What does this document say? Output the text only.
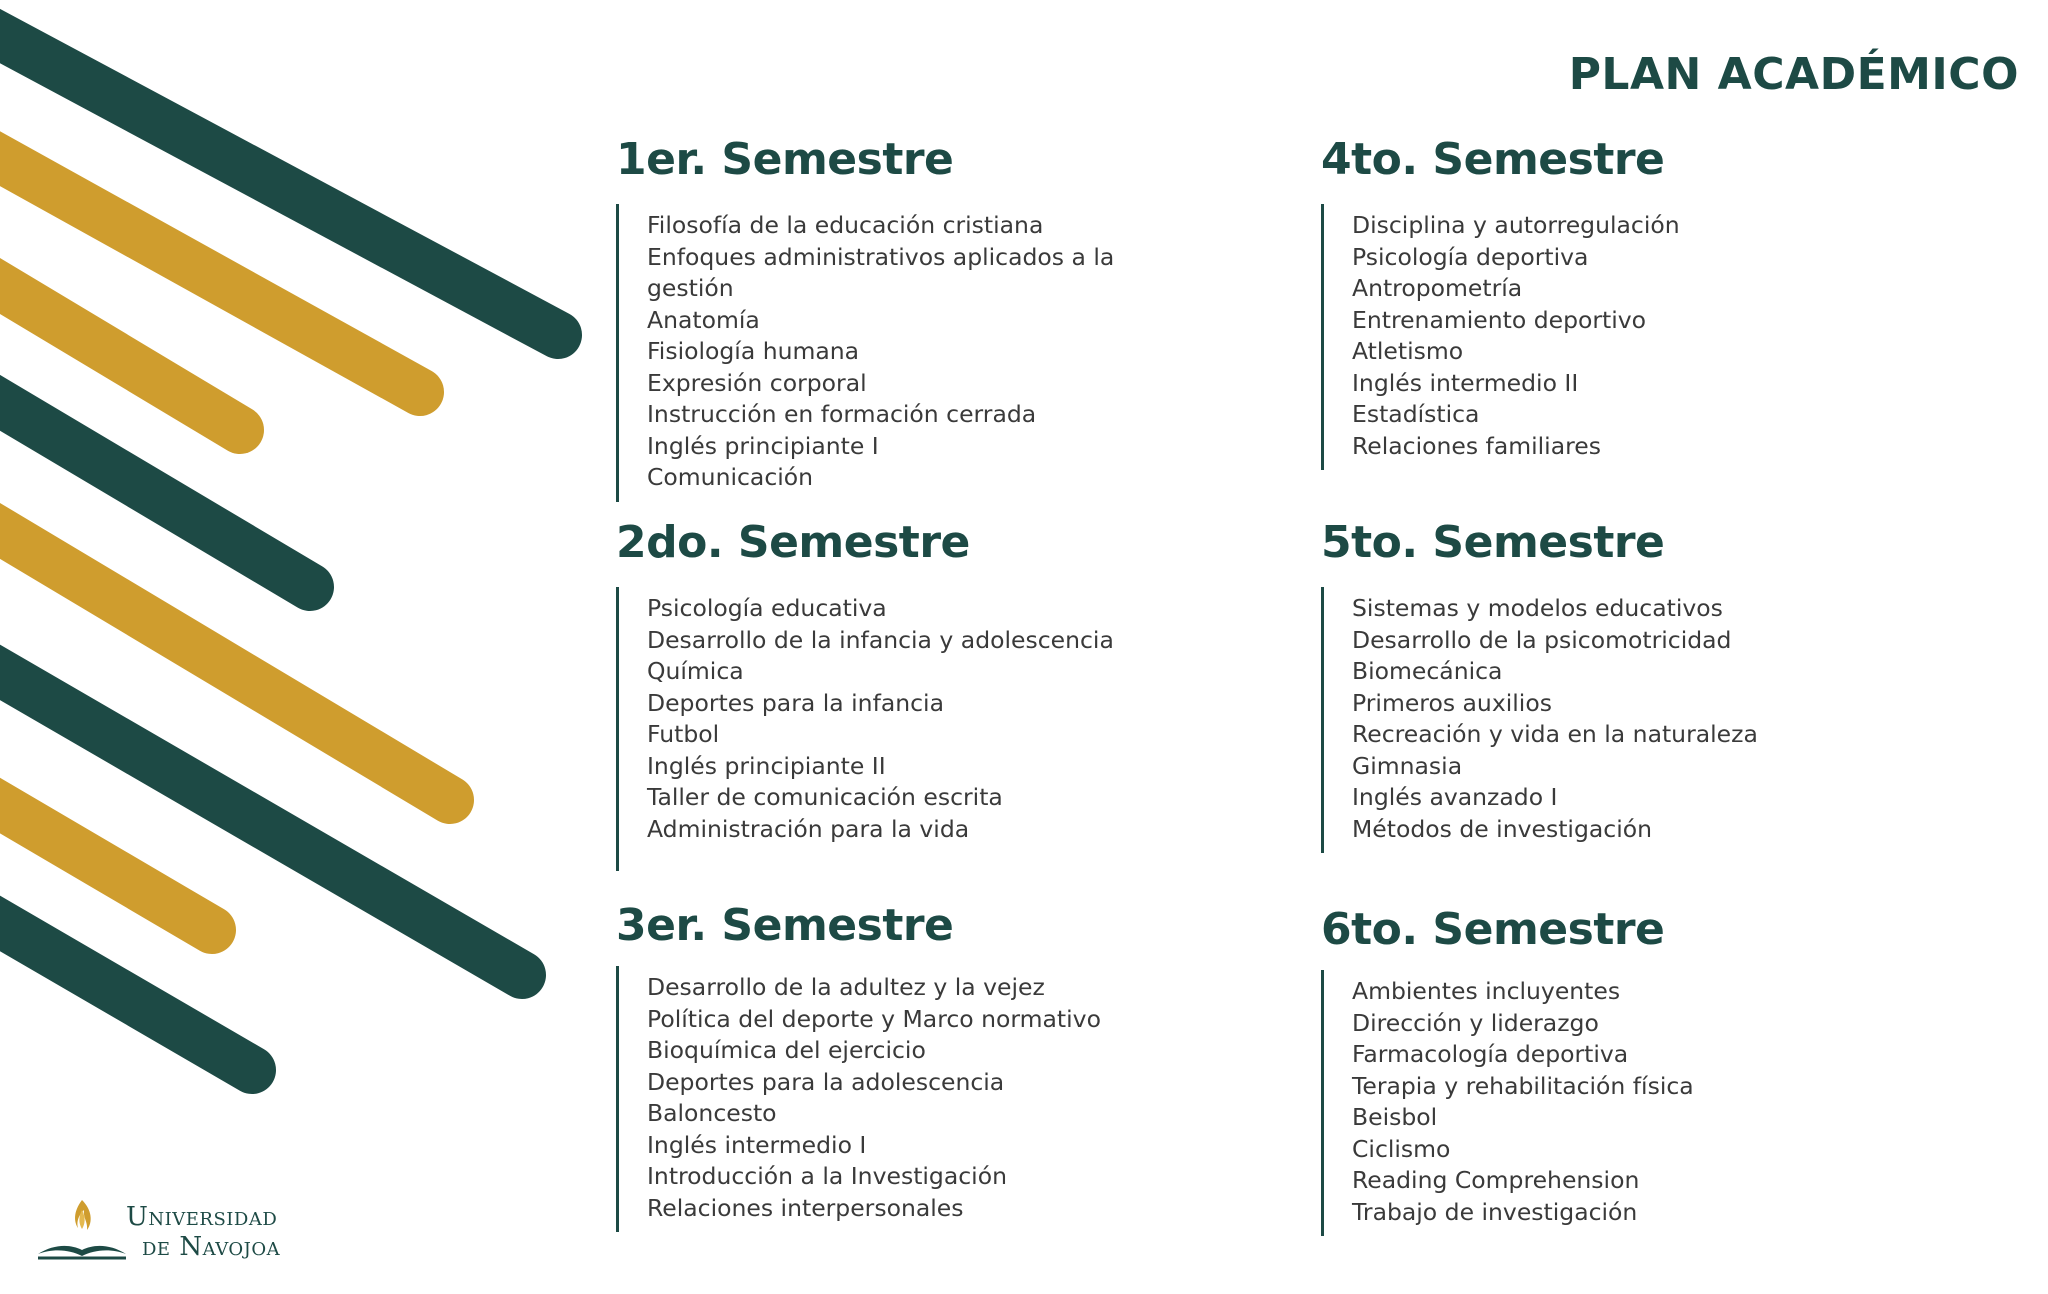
PLAN ACADÉMICO
1er. Semestre
Filosofía de la educación cristiana
Enfoques administrativos aplicados a la gestión
Anatomía
Fisiología humana
Expresión corporal
Instrucción en formación cerrada
Inglés principiante I
Comunicación
2do. Semestre
Psicología educativa
Desarrollo de la infancia y adolescencia
Química
Deportes para la infancia
Futbol
Inglés principiante II
Taller de comunicación escrita
Administración para la vida
3er. Semestre
Desarrollo de la adultez y la vejez
Política del deporte y Marco normativo
Bioquímica del ejercicio
Deportes para la adolescencia
Baloncesto
Inglés intermedio I
Introducción a la Investigación
Relaciones interpersonales
4to. Semestre
Disciplina y autorregulación
Psicología deportiva
Antropometría
Entrenamiento deportivo
Atletismo
Inglés intermedio II
Estadística
Relaciones familiares
5to. Semestre
Sistemas y modelos educativos
Desarrollo de la psicomotricidad
Biomecánica
Primeros auxilios
Recreación y vida en la naturaleza
Gimnasia
Inglés avanzado I
Métodos de investigación
6to. Semestre
Ambientes incluyentes
Dirección y liderazgo
Farmacología deportiva
Terapia y rehabilitación física
Beisbol
Ciclismo
Reading Comprehension
Trabajo de investigación
Universidad
de Navojoa
